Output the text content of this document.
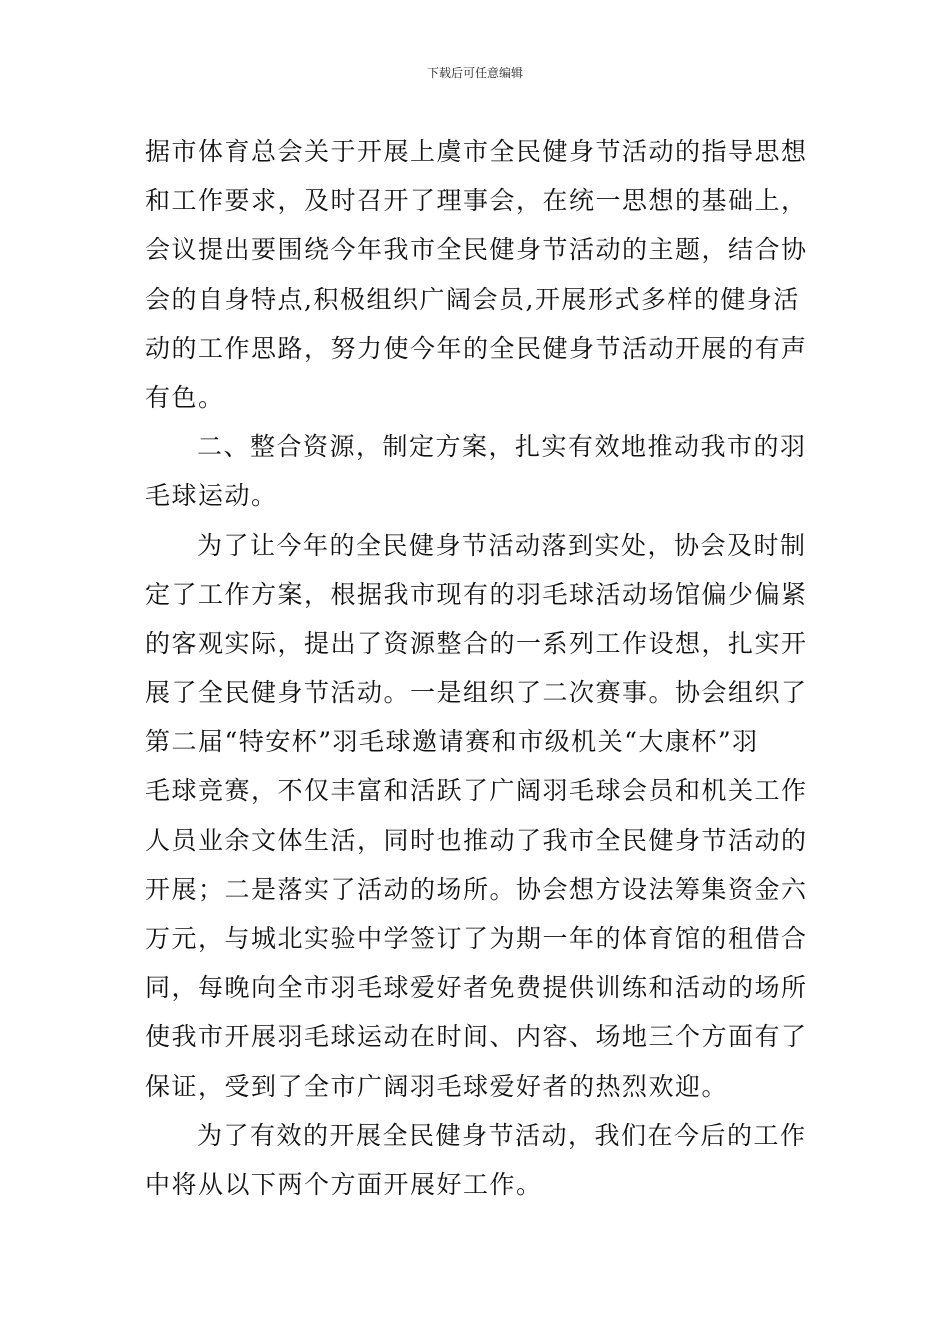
下载后可任意编辑
据市体育总会关于开展上虞市全民健身节活动的指导思想
和工作要求，及时召开了理事会，在统一思想的基础上，
会议提出要围绕今年我市全民健身节活动的主题，结合协
会的自身特点,积极组织广阔会员,开展形式多样的健身活
动的工作思路，努力使今年的全民健身节活动开展的有声
有色。
二、整合资源，制定方案，扎实有效地推动我市的羽
毛球运动。
为了让今年的全民健身节活动落到实处，协会及时制
定了工作方案，根据我市现有的羽毛球活动场馆偏少偏紧
的客观实际，提出了资源整合的一系列工作设想，扎实开
展了全民健身节活动。一是组织了二次赛事。协会组织了
第二届“特安杯”羽毛球邀请赛和市级机关“大康杯”羽
毛球竞赛，不仅丰富和活跃了广阔羽毛球会员和机关工作
人员业余文体生活，同时也推动了我市全民健身节活动的
开展；二是落实了活动的场所。协会想方设法筹集资金六
万元，与城北实验中学签订了为期一年的体育馆的租借合
同，每晚向全市羽毛球爱好者免费提供训练和活动的场所
使我市开展羽毛球运动在时间、内容、场地三个方面有了
保证，受到了全市广阔羽毛球爱好者的热烈欢迎。
为了有效的开展全民健身节活动，我们在今后的工作
中将从以下两个方面开展好工作。
